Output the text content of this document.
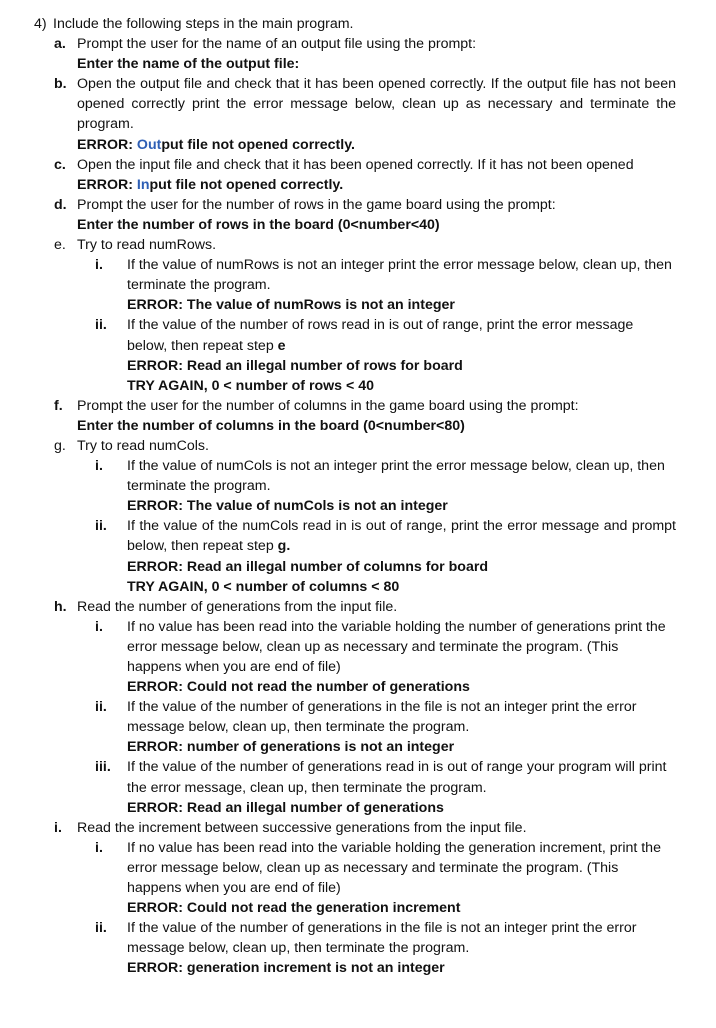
4) Include the following steps in the main program.
a. Prompt the user for the name of an output file using the prompt:
Enter the name of the output file:
b. Open the output file and check that it has been opened correctly. If the output file has not been opened correctly print the error message below, clean up as necessary and terminate the program.
ERROR: Output file not opened correctly.
c. Open the input file and check that it has been opened correctly. If it has not been opened
ERROR: Input file not opened correctly.
d. Prompt the user for the number of rows in the game board using the prompt:
Enter the number of rows in the board (0<number<40)
e. Try to read numRows.
i.	If the value of numRows is not an integer print the error message below, clean up, then terminate the program.
ERROR: The value of numRows is not an integer
ii.	If the value of the number of rows read in is out of range, print the error message below, then repeat step e
ERROR: Read an illegal number of rows for board
TRY AGAIN, 0 < number of rows < 40
f.	Prompt the user for the number of columns in the game board using the prompt:
Enter the number of columns in the board (0<number<80)
g. Try to read numCols.
i.	If the value of numCols is not an integer print the error message below, clean up, then terminate the program.
ERROR: The value of numCols is not an integer
ii.	If the value of the numCols read in is out of range, print the error message and prompt below, then repeat step g.
ERROR: Read an illegal number of columns for board
TRY AGAIN, 0 < number of columns < 80
h. Read the number of generations from the input file.
i.	If no value has been read into the variable holding the number of generations print the error message below, clean up as necessary and terminate the program. (This happens when you are end of file)
ERROR: Could not read the number of generations
ii.	If the value of the number of generations in the file is not an integer print the error message below, clean up, then terminate the program.
ERROR: number of generations is not an integer
iii.	If the value of the number of generations read in is out of range your program will print the error message, clean up, then terminate the program.
ERROR: Read an illegal number of generations
i.	Read the increment between successive generations from the input file.
i.	If no value has been read into the variable holding the generation increment, print the error message below, clean up as necessary and terminate the program. (This happens when you are end of file)
ERROR: Could not read the generation increment
ii.	If the value of the number of generations in the file is not an integer print the error message below, clean up, then terminate the program.
ERROR: generation increment is not an integer
